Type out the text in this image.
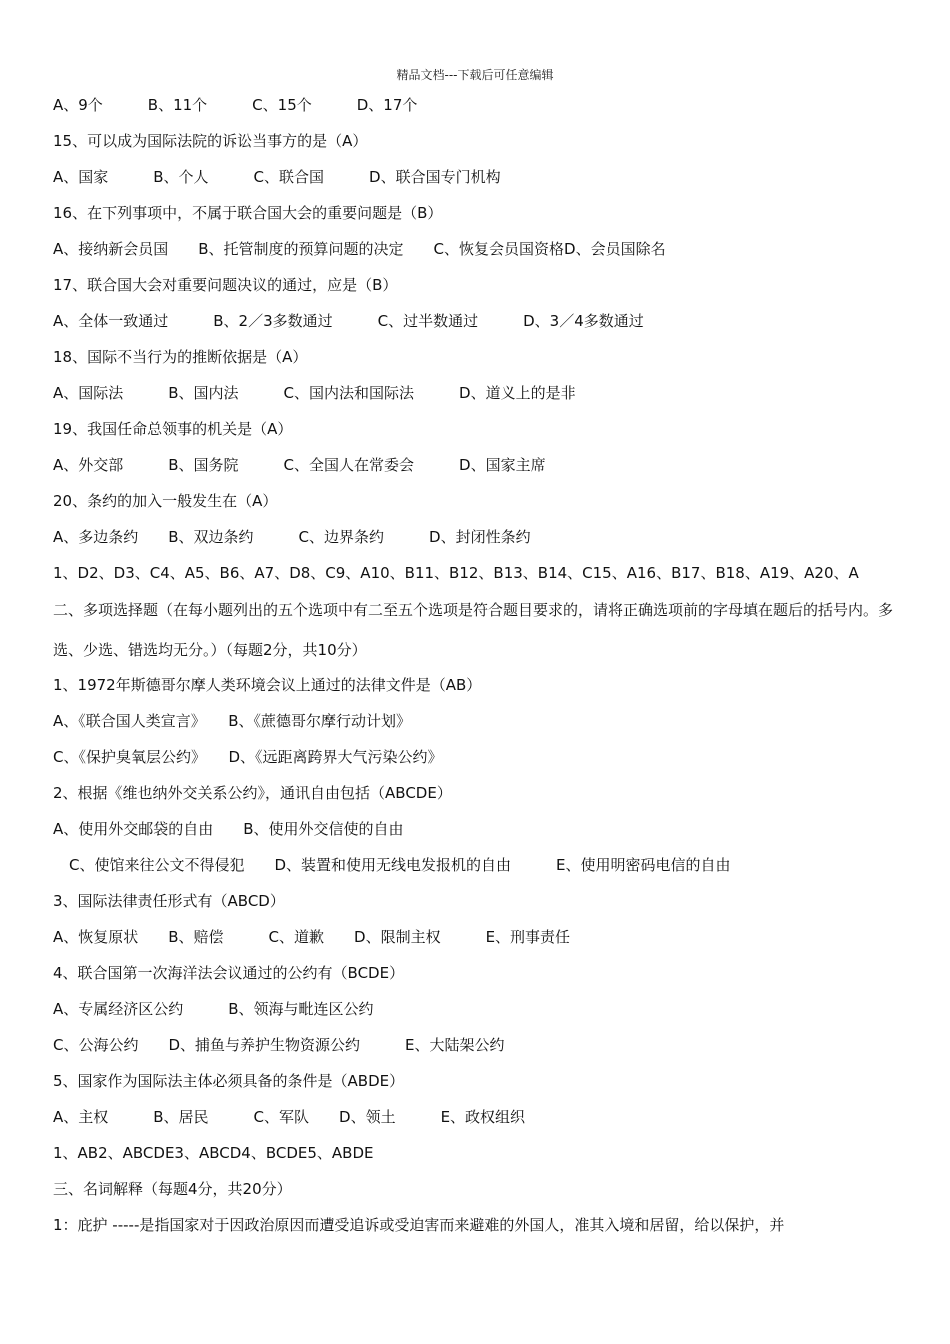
精品文档---下载后可任意编辑
A、9个　　　B、11个　　　C、15个　　　D、17个
15、可以成为国际法院的诉讼当事方的是（A）
A、国家　　　B、个人　　　C、联合国　　　D、联合国专门机构
16、在下列事项中，不属于联合国大会的重要问题是（B）
A、接纳新会员国　　B、托管制度的预算问题的决定　　C、恢复会员国资格D、会员国除名
17、联合国大会对重要问题决议的通过，应是（B）
A、全体一致通过　　　B、2／3多数通过　　　C、过半数通过　　　D、3／4多数通过
18、国际不当行为的推断依据是（A）
A、国际法　　　B、国内法　　　C、国内法和国际法　　　D、道义上的是非
19、我国任命总领事的机关是（A）
A、外交部　　　B、国务院　　　C、全国人在常委会　　　D、国家主席
20、条约的加入一般发生在（A）
A、多边条约　　B、双边条约　　　C、边界条约　　　D、封闭性条约
1、D2、D3、C4、A5、B6、A7、D8、C9、A10、B11、B12、B13、B14、C15、A16、B17、B18、A19、A20、A
二、多项选择题（在每小题列出的五个选项中有二至五个选项是符合题目要求的，请将正确选项前的字母填在题后的括号内。多选、少选、错选均无分。）（每题2分，共10分）
1、1972年斯德哥尔摩人类环境会议上通过的法律文件是（AB）
A、《联合国人类宣言》　　B、《蔗德哥尔摩行动计划》
C、《保护臭氧层公约》　　D、《远距离跨界大气污染公约》
2、根据《维也纳外交关系公约》，通讯自由包括（ABCDE）
A、使用外交邮袋的自由　　B、使用外交信使的自由
C、使馆来往公文不得侵犯　　D、装置和使用无线电发报机的自由　　　E、使用明密码电信的自由
3、国际法律责任形式有（ABCD）
A、恢复原状　　B、赔偿　　　C、道歉　　D、限制主权　　　E、刑事责任
4、联合国第一次海洋法会议通过的公约有（BCDE）
A、专属经济区公约　　　B、领海与毗连区公约
C、公海公约　　D、捕鱼与养护生物资源公约　　　E、大陆架公约
5、国家作为国际法主体必须具备的条件是（ABDE）
A、主权　　　B、居民　　　C、军队　　D、领土　　　E、政权组织
1、AB2、ABCDE3、ABCD4、BCDE5、ABDE
三、名词解释（每题4分，共20分）
1：庇护 -----是指国家对于因政治原因而遭受追诉或受迫害而来避难的外国人，准其入境和居留，给以保护，并
